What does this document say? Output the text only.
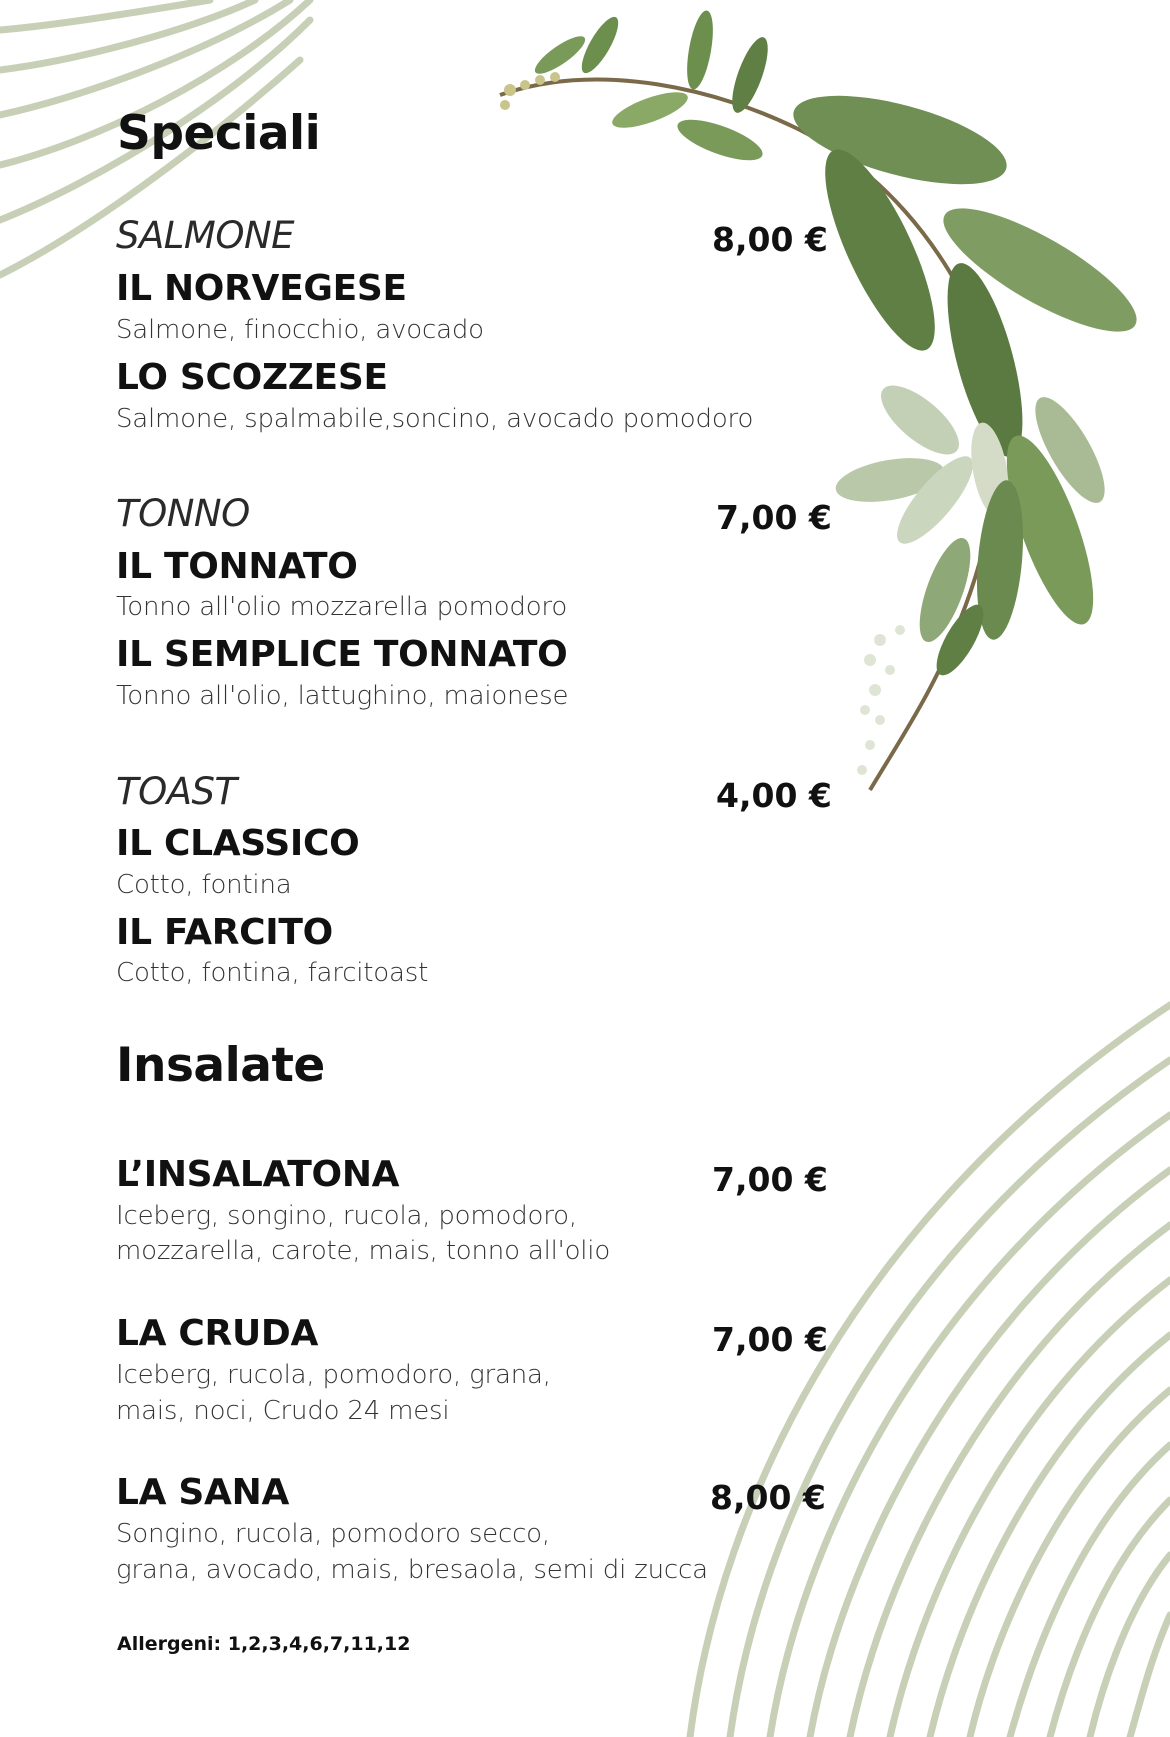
Speciali
SALMONE	8,00 €
IL NORVEGESE
Salmone, finocchio, avocado
LO SCOZZESE
Salmone, spalmabile,soncino, avocado pomodoro
TONNO	7,00 €
IL TONNATO
Tonno all'olio mozzarella pomodoro
IL SEMPLICE TONNATO
Tonno all'olio, lattughino, maionese
TOAST	4,00 €
IL CLASSICO
Cotto, fontina
IL FARCITO
Cotto, fontina, farcitoast
Insalate
L’INSALATONA	7,00 €
Iceberg, songino, rucola, pomodoro,
mozzarella, carote, mais, tonno all'olio
LA CRUDA	7,00 €
Iceberg, rucola, pomodoro, grana,
mais, noci, Crudo 24 mesi
LA SANA	8,00 €
Songino, rucola, pomodoro secco,
grana, avocado, mais, bresaola, semi di zucca
Allergeni: 1,2,3,4,6,7,11,12
